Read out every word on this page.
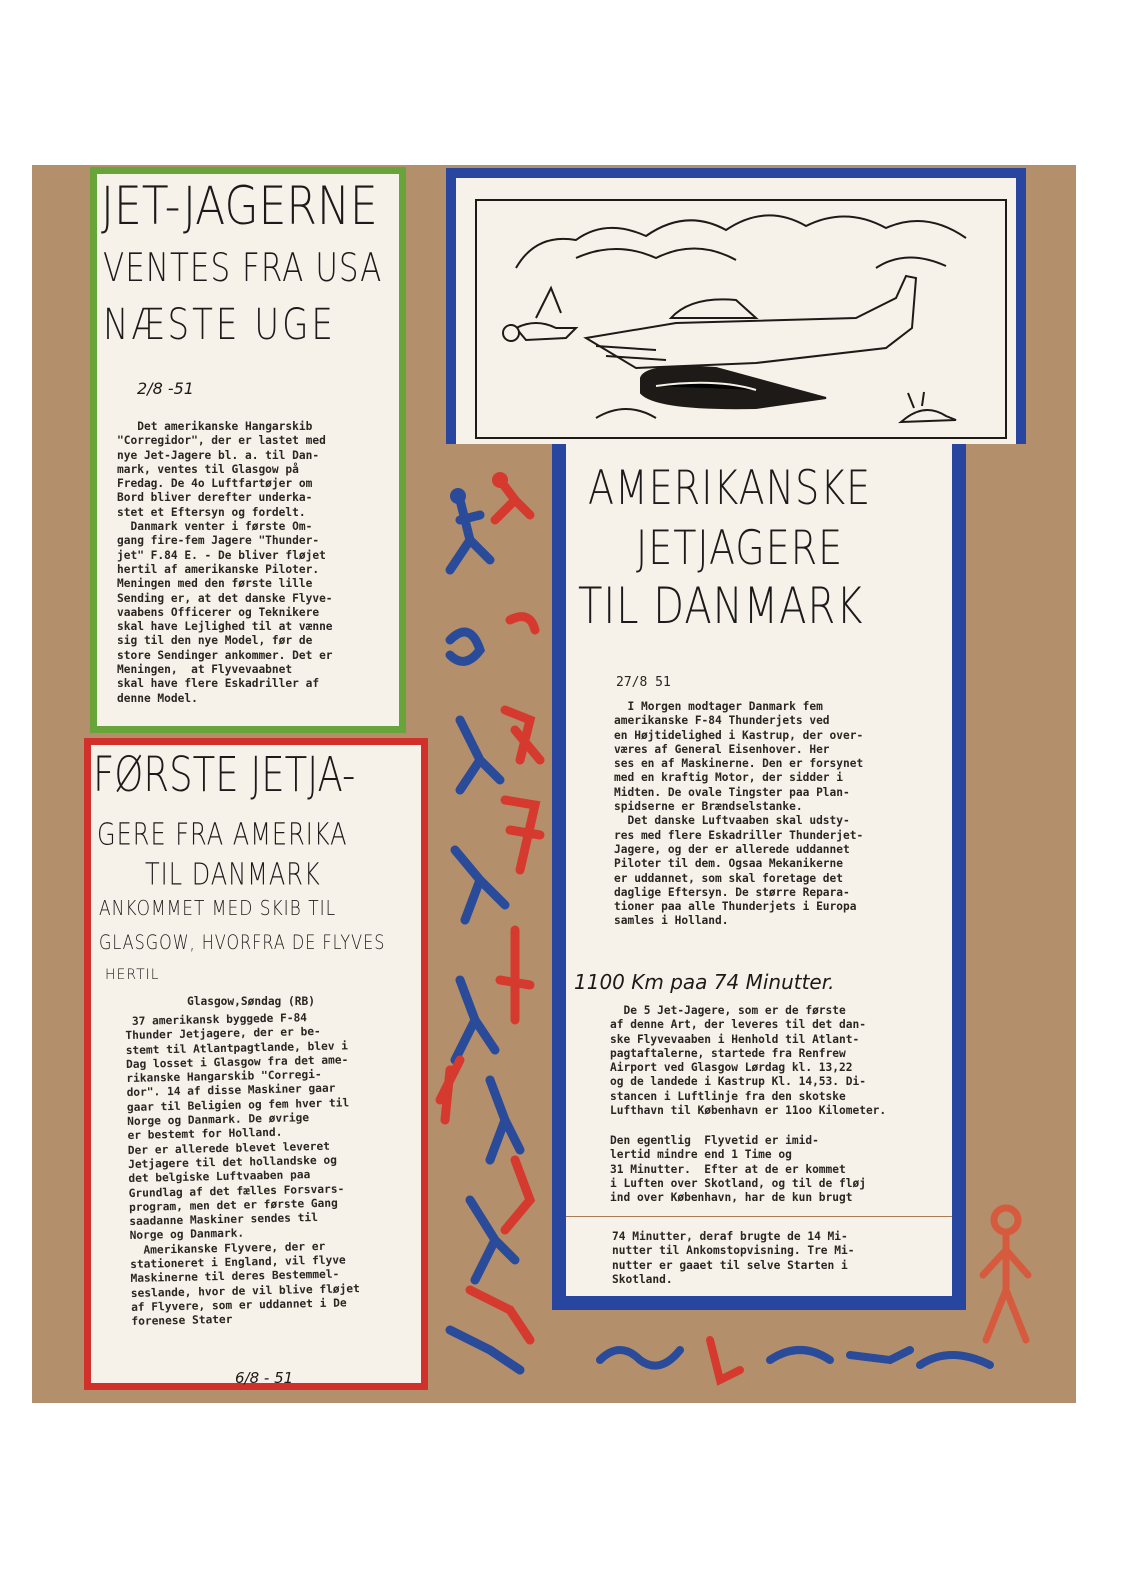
JET-JAGERNE
VENTES FRA USA
NÆSTE UGE
2/8 -51
Det amerikanske Hangarskib
"Corregidor", der er lastet med
nye Jet-Jagere bl. a. til Dan-
mark, ventes til Glasgow på
Fredag. De 4o Luftfartøjer om
Bord bliver derefter underka-
stet et Eftersyn og fordelt.
Danmark venter i første Om-
gang fire-fem Jagere "Thunder-
jet" F.84 E. - De bliver fløjet
hertil af amerikanske Piloter.
Meningen med den første lille
Sending er, at det danske Flyve-
vaabens Officerer og Teknikere
skal have Lejlighed til at vænne
sig til den nye Model, før de
store Sendinger ankommer. Det er
Meningen,  at Flyvevaabnet
skal have flere Eskadriller af
denne Model.
FØRSTE JETJA-
GERE FRA AMERIKA
TIL DANMARK
ANKOMMET MED SKIB TIL
GLASGOW, HVORFRA DE FLYVES
HERTIL
Glasgow,Søndag (RB)
37 amerikansk byggede F-84
Thunder Jetjagere, der er be-
stemt til Atlantpagtlande, blev i
Dag losset i Glasgow fra det ame-
rikanske Hangarskib "Corregi-
dor". 14 af disse Maskiner gaar
gaar til Beligien og fem hver til
Norge og Danmark. De øvrige
er bestemt for Holland.
Der er allerede blevet leveret
Jetjagere til det hollandske og
det belgiske Luftvaaben paa
Grundlag af det fælles Forsvars-
program, men det er første Gang
saadanne Maskiner sendes til
Norge og Danmark.
Amerikanske Flyvere, der er
stationeret i England, vil flyve
Maskinerne til deres Bestemmel-
seslande, hvor de vil blive fløjet
af Flyvere, som er uddannet i De
forenese Stater
6/8 - 51
AMERIKANSKE
JETJAGERE
TIL DANMARK
27/8 51
I Morgen modtager Danmark fem
amerikanske F-84 Thunderjets ved
en Højtidelighed i Kastrup, der over-
væres af General Eisenhover. Her
ses en af Maskinerne. Den er forsynet
med en kraftig Motor, der sidder i
Midten. De ovale Tingster paa Plan-
spidserne er Brændselstanke.
Det danske Luftvaaben skal udsty-
res med flere Eskadriller Thunderjet-
Jagere, og der er allerede uddannet
Piloter til dem. Ogsaa Mekanikerne
er uddannet, som skal foretage det
daglige Eftersyn. De større Repara-
tioner paa alle Thunderjets i Europa
samles i Holland.
1100 Km paa 74 Minutter.
De 5 Jet-Jagere, som er de første
af denne Art, der leveres til det dan-
ske Flyvevaaben i Henhold til Atlant-
pagtaftalerne, startede fra Renfrew
Airport ved Glasgow Lørdag kl. 13,22
og de landede i Kastrup Kl. 14,53. Di-
stancen i Luftlinje fra den skotske
Lufthavn til København er 11oo Kilometer.
Den egentlig  Flyvetid er imid-
lertid mindre end 1 Time og
31 Minutter.  Efter at de er kommet
i Luften over Skotland, og til de fløj
ind over København, har de kun brugt
74 Minutter, deraf brugte de 14 Mi-
nutter til Ankomstopvisning. Tre Mi-
nutter er gaaet til selve Starten i
Skotland.
